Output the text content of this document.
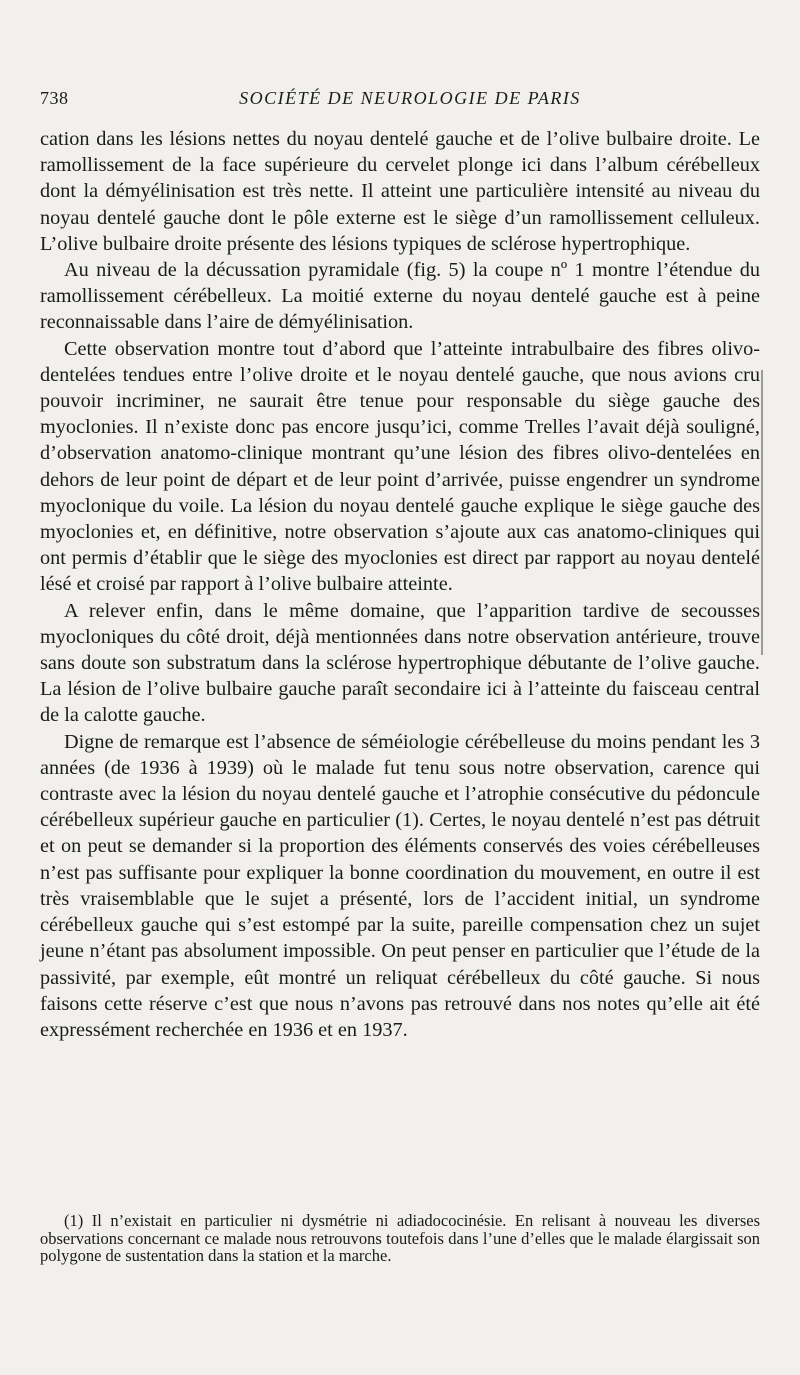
738	SOCIÉTÉ DE NEUROLOGIE DE PARIS

cation dans les lésions nettes du noyau dentelé gauche et de l’olive bulbaire droite. Le ramollissement de la face supérieure du cervelet plonge ici dans l’album cérébelleux dont la démyélinisation est très nette. Il atteint une particulière intensité au niveau du noyau dentelé gauche dont le pôle externe est le siège d’un ramollissement celluleux. L’olive bulbaire droite présente des lésions typiques de sclérose hypertrophique.

Au niveau de la décussation pyramidale (fig. 5) la coupe nº 1 montre l’étendue du ramollissement cérébelleux. La moitié externe du noyau dentelé gauche est à peine reconnaissable dans l’aire de démyélinisation.

Cette observation montre tout d’abord que l’atteinte intrabulbaire des fibres olivo-dentelées tendues entre l’olive droite et le noyau dentelé gauche, que nous avions cru pouvoir incriminer, ne saurait être tenue pour responsable du siège gauche des myoclonies. Il n’existe donc pas encore jusqu’ici, comme Trelles l’avait déjà souligné, d’observation anatomo-clinique montrant qu’une lésion des fibres olivo-dentelées en dehors de leur point de départ et de leur point d’arrivée, puisse engendrer un syndrome myoclonique du voile. La lésion du noyau dentelé gauche explique le siège gauche des myoclonies et, en définitive, notre observation s’ajoute aux cas anatomo-cliniques qui ont permis d’établir que le siège des myoclonies est direct par rapport au noyau dentelé lésé et croisé par rapport à l’olive bulbaire atteinte.

A relever enfin, dans le même domaine, que l’apparition tardive de secousses myocloniques du côté droit, déjà mentionnées dans notre observation antérieure, trouve sans doute son substratum dans la sclérose hypertrophique débutante de l’olive gauche. La lésion de l’olive bulbaire gauche paraît secondaire ici à l’atteinte du faisceau central de la calotte gauche.

Digne de remarque est l’absence de séméiologie cérébelleuse du moins pendant les 3 années (de 1936 à 1939) où le malade fut tenu sous notre observation, carence qui contraste avec la lésion du noyau dentelé gauche et l’atrophie consécutive du pédoncule cérébelleux supérieur gauche en particulier (1). Certes, le noyau dentelé n’est pas détruit et on peut se demander si la proportion des éléments conservés des voies cérébelleuses n’est pas suffisante pour expliquer la bonne coordination du mouvement, en outre il est très vraisemblable que le sujet a présenté, lors de l’accident initial, un syndrome cérébelleux gauche qui s’est estompé par la suite, pareille compensation chez un sujet jeune n’étant pas absolument impossible. On peut penser en particulier que l’étude de la passivité, par exemple, eût montré un reliquat cérébelleux du côté gauche. Si nous faisons cette réserve c’est que nous n’avons pas retrouvé dans nos notes qu’elle ait été expressément recherchée en 1936 et en 1937.

(1) Il n’existait en particulier ni dysmétrie ni adiadococinésie. En relisant à nouveau les diverses observations concernant ce malade nous retrouvons toutefois dans l’une d’elles que le malade élargissait son polygone de sustentation dans la station et la marche.
